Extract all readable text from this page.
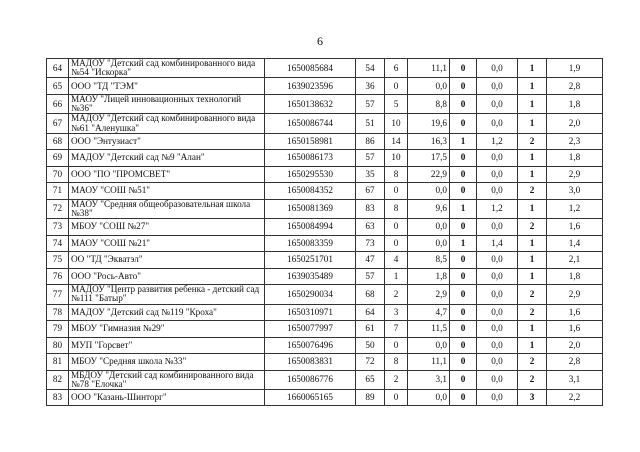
6
64	МАДОУ "Детский сад комбинированного вида №54 "Искорка"	1650085684	54	6	11,1	0	0,0	1	1,9
65	ООО "ТД "ТЭМ"	1639023596	36	0	0,0	0	0,0	1	2,8
66	МАОУ "Лицей инновационных технологий №36"	1650138632	57	5	8,8	0	0,0	1	1,8
67	МАДОУ "Детский сад комбинированного вида №61 "Аленушка"	1650086744	51	10	19,6	0	0,0	1	2,0
68	ООО "Энтузиаст"	1650158981	86	14	16,3	1	1,2	2	2,3
69	МАДОУ "Детский сад №9 "Алан"	1650086173	57	10	17,5	0	0,0	1	1,8
70	ООО "ПО "ПРОМСВЕТ"	1650295530	35	8	22,9	0	0,0	1	2,9
71	МАОУ "СОШ №51"	1650084352	67	0	0,0	0	0,0	2	3,0
72	МАОУ "Средняя общеобразовательная школа №38"	1650081369	83	8	9,6	1	1,2	1	1,2
73	МБОУ "СОШ №27"	1650084994	63	0	0,0	0	0,0	2	1,6
74	МАОУ "СОШ №21"	1650083359	73	0	0,0	1	1,4	1	1,4
75	ОО "ТД "Экватэл"	1650251701	47	4	8,5	0	0,0	1	2,1
76	ООО "Рось-Авто"	1639035489	57	1	1,8	0	0,0	1	1,8
77	МАДОУ "Центр развития ребенка - детский сад №111 "Батыр"	1650290034	68	2	2,9	0	0,0	2	2,9
78	МАДОУ "Детский сад №119 "Кроха"	1650310971	64	3	4,7	0	0,0	2	1,6
79	МБОУ "Гимназия №29"	1650077997	61	7	11,5	0	0,0	1	1,6
80	МУП "Горсвет"	1650076496	50	0	0,0	0	0,0	1	2,0
81	МБОУ "Средняя школа №33"	1650083831	72	8	11,1	0	0,0	2	2,8
82	МБДОУ "Детский сад комбинированного вида №78 "Елочка"	1650086776	65	2	3,1	0	0,0	2	3,1
83	ООО "Казань-Шинторг"	1660065165	89	0	0,0	0	0,0	3	2,2
